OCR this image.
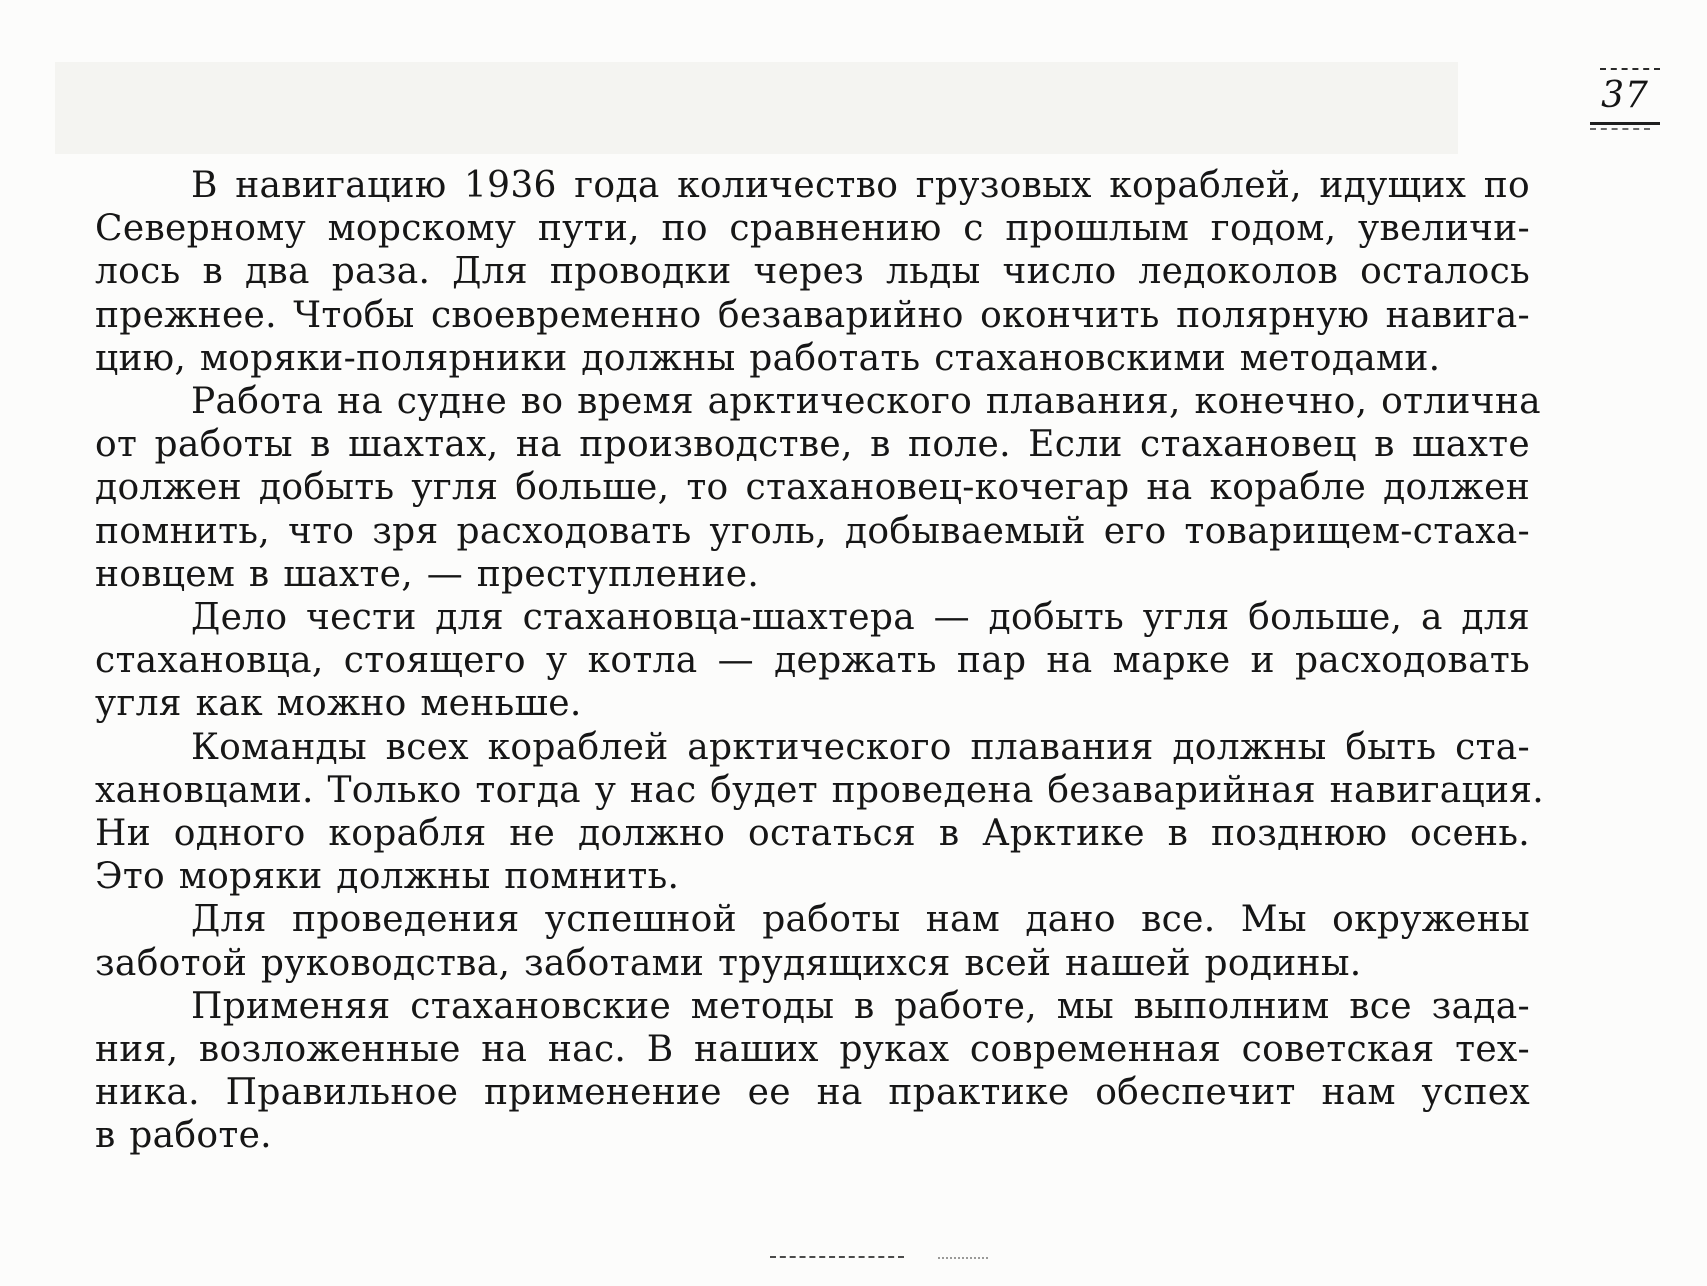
37
В навигацию 1936 года количество грузовых кораблей, идущих по
Северному морскому пути, по сравнению с прошлым годом, увеличи-
лось в два раза. Для проводки через льды число ледоколов осталось
прежнее. Чтобы своевременно безаварийно окончить полярную навига-
цию, моряки-полярники должны работать стахановскими методами.
Работа на судне во время арктического плавания, конечно, отлична
от работы в шахтах, на производстве, в поле. Если стахановец в шахте
должен добыть угля больше, то стахановец-кочегар на корабле должен
помнить, что зря расходовать уголь, добываемый его товарищем-стаха-
новцем в шахте, — преступление.
Дело чести для стахановца-шахтера — добыть угля больше, а для
стахановца, стоящего у котла — держать пар на марке и расходовать
угля как можно меньше.
Команды всех кораблей арктического плавания должны быть ста-
хановцами. Только тогда у нас будет проведена безаварийная навигация.
Ни одного корабля не должно остаться в Арктике в позднюю осень.
Это моряки должны помнить.
Для проведения успешной работы нам дано все. Мы окружены
заботой руководства, заботами трудящихся всей нашей родины.
Применяя стахановские методы в работе, мы выполним все зада-
ния, возложенные на нас. В наших руках современная советская тех-
ника. Правильное применение ее на практике обеспечит нам успех
в работе.
